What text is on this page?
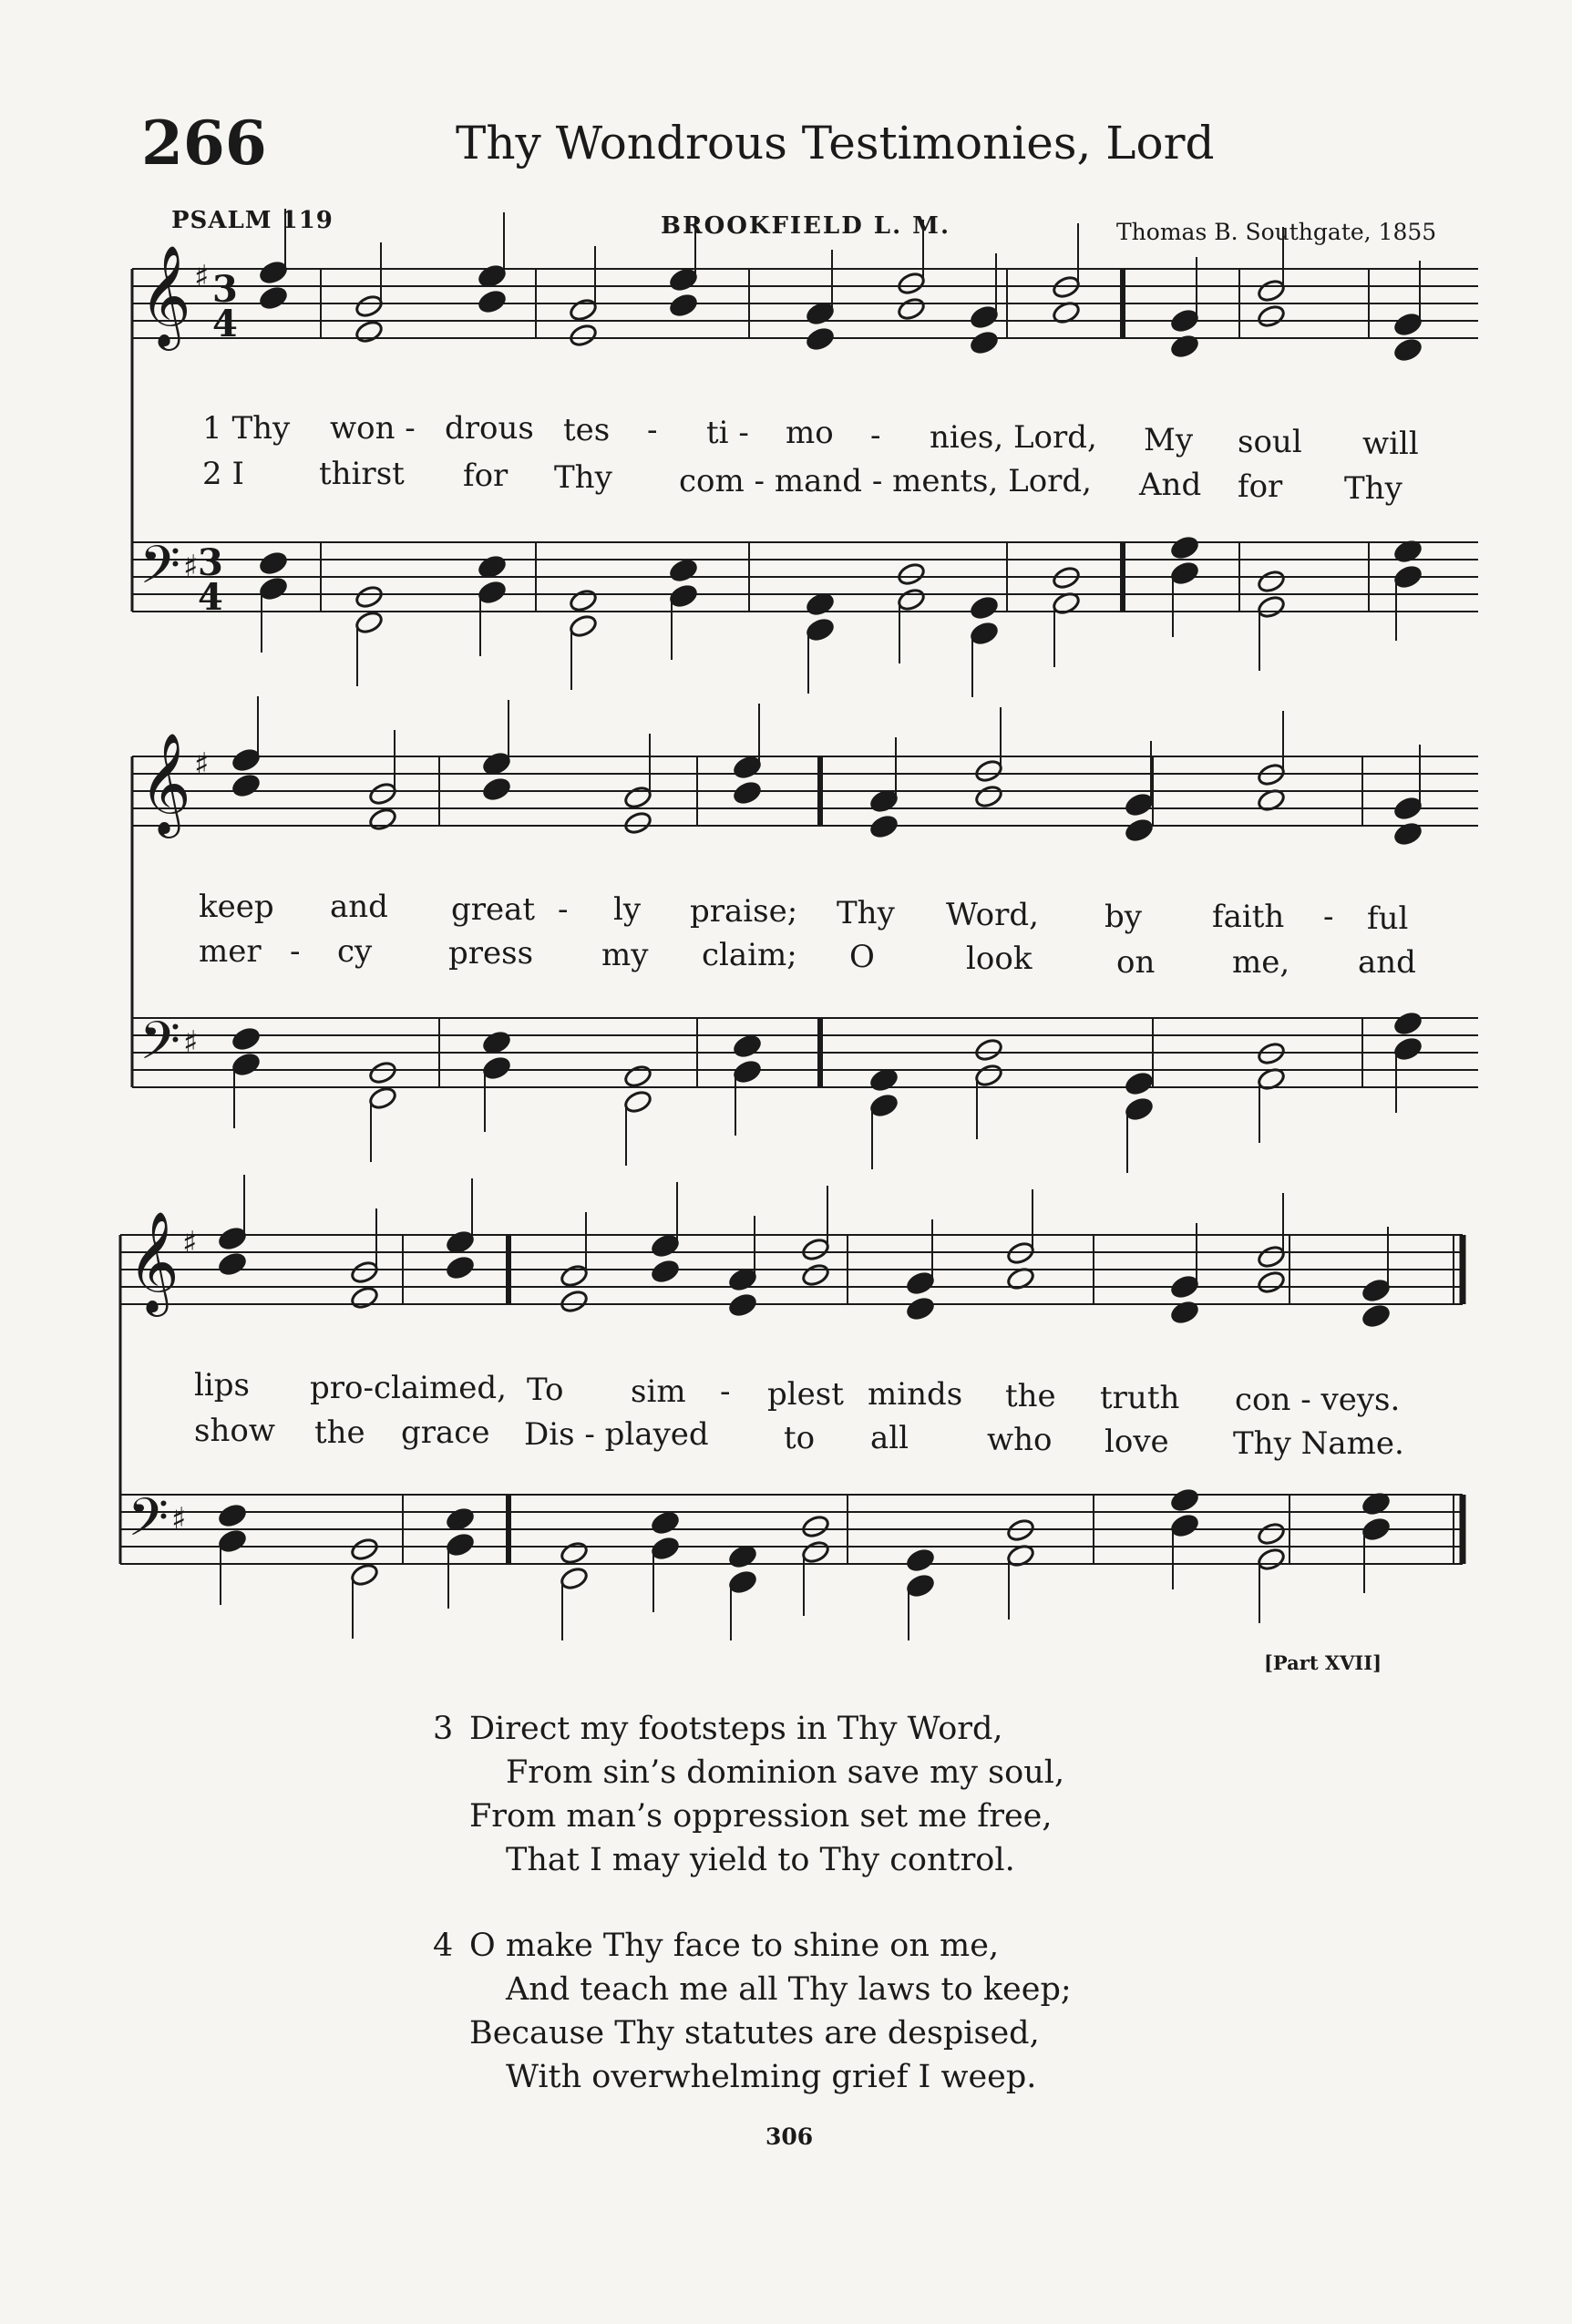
266	Thy Wondrous Testimonies, Lord
PSALM 119	BROOKFIELD L. M.	Thomas B. Southgate, 1855
𝄞 ♯
𝄢 ♯
3
4
3
4
𝄞 ♯
𝄢 ♯
𝄞 ♯
𝄢 ♯
1 Thy won - drous tes - ti - mo - nies, Lord, My soul will
2 I thirst for Thy com - mand - ments, Lord, And for Thy
keep and great - ly praise; Thy Word, by faith - ful
mer - cy press my claim; O	look	on me, and
lips pro-claimed, To sim - plest minds the truth con - veys.
show the grace Dis - played to all	who love Thy Name.
[Part XVII]
3 Direct my footsteps in Thy Word,
From sin’s dominion save my soul,
From man’s oppression set me free,
That I may yield to Thy control.
4 O make Thy face to shine on me,
And teach me all Thy laws to keep;
Because Thy statutes are despised,
With overwhelming grief I weep.
306
